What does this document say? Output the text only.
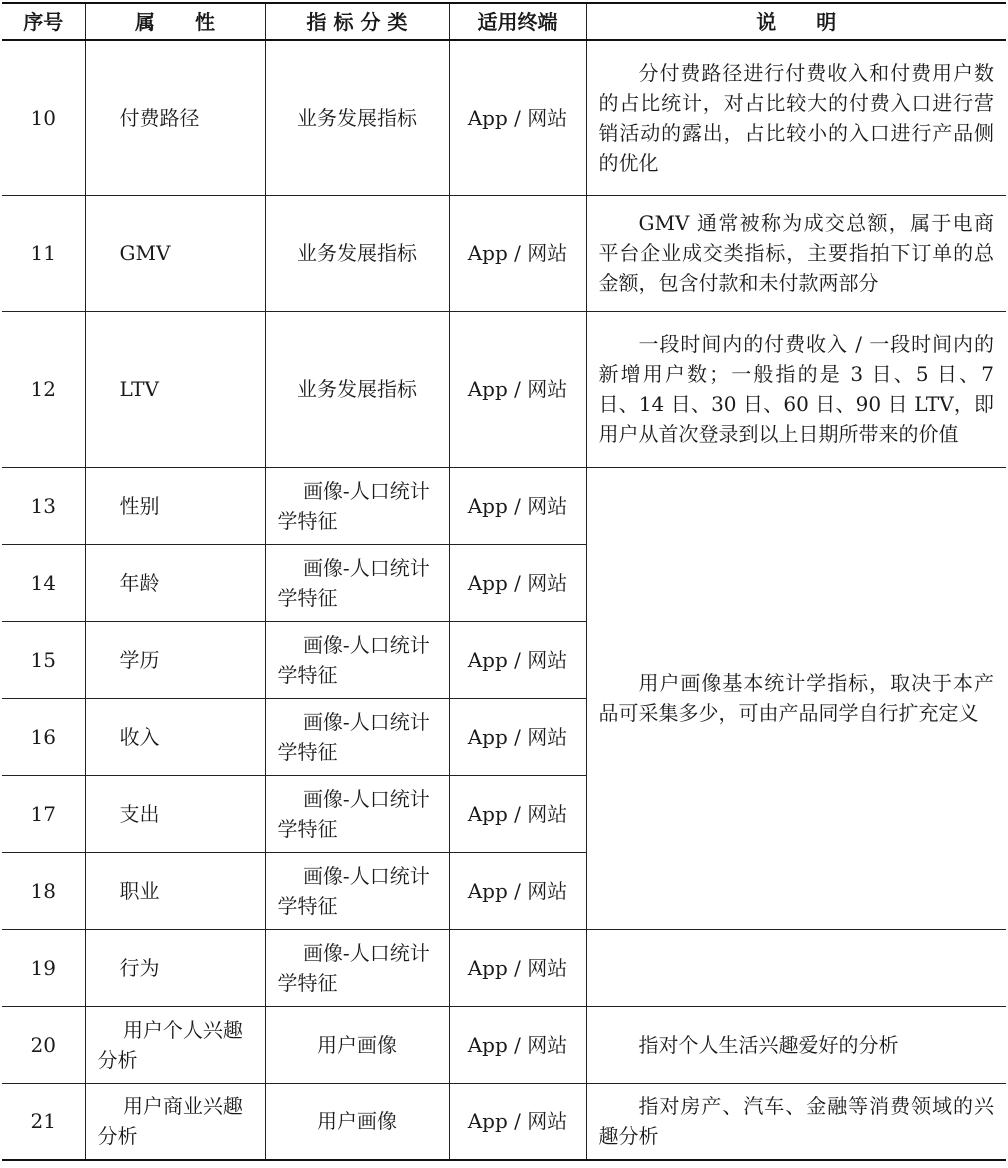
序号	属　　性	指 标 分 类	适用终端	说　　明
10	付费路径	业务发展指标	App / 网站	分付费路径进行付费收入和付费用户数的占比统计，对占比较大的付费入口进行营销活动的露出，占比较小的入口进行产品侧的优化
11	GMV	业务发展指标	App / 网站	GMV 通常被称为成交总额，属于电商平台企业成交类指标，主要指拍下订单的总金额，包含付款和未付款两部分
12	LTV	业务发展指标	App / 网站	一段时间内的付费收入 / 一段时间内的新增用户数；一般指的是 3 日、5 日、7 日、14 日、30 日、60 日、90 日 LTV，即用户从首次登录到以上日期所带来的价值
13	性别	画像-人口统计学特征	App / 网站	用户画像基本统计学指标，取决于本产品可采集多少，可由产品同学自行扩充定义
14	年龄	画像-人口统计学特征	App / 网站	
15	学历	画像-人口统计学特征	App / 网站	
16	收入	画像-人口统计学特征	App / 网站	
17	支出	画像-人口统计学特征	App / 网站	
18	职业	画像-人口统计学特征	App / 网站	
19	行为	画像-人口统计学特征	App / 网站	
20	用户个人兴趣分析	用户画像	App / 网站	指对个人生活兴趣爱好的分析
21	用户商业兴趣分析	用户画像	App / 网站	指对房产、汽车、金融等消费领域的兴趣分析
